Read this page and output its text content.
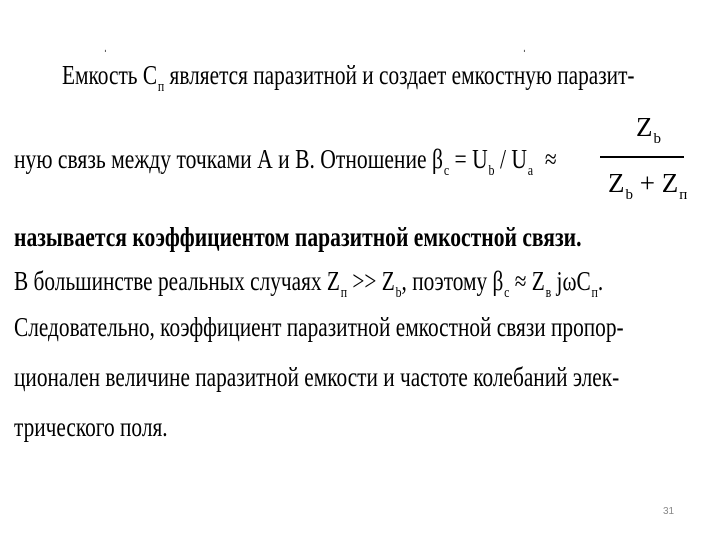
ˌ	ˌ
Емкость $С_п$ является паразитной и создает емкостную паразит-
ную связь между точками А и В. Отношение $\beta_с = U_b / U_a$ ≈
$Z_b$
$Z_b + Z_п$
называется коэффициентом паразитной емкостной связи.
В большинстве реальных случаях $Z_п >> Z_b$, поэтому $\beta_с \approx Z_в$ jωC$_п$.
Следовательно, коэффициент паразитной емкостной связи пропор-
ционален величине паразитной емкости и частоте колебаний элек-
трического поля.
31
